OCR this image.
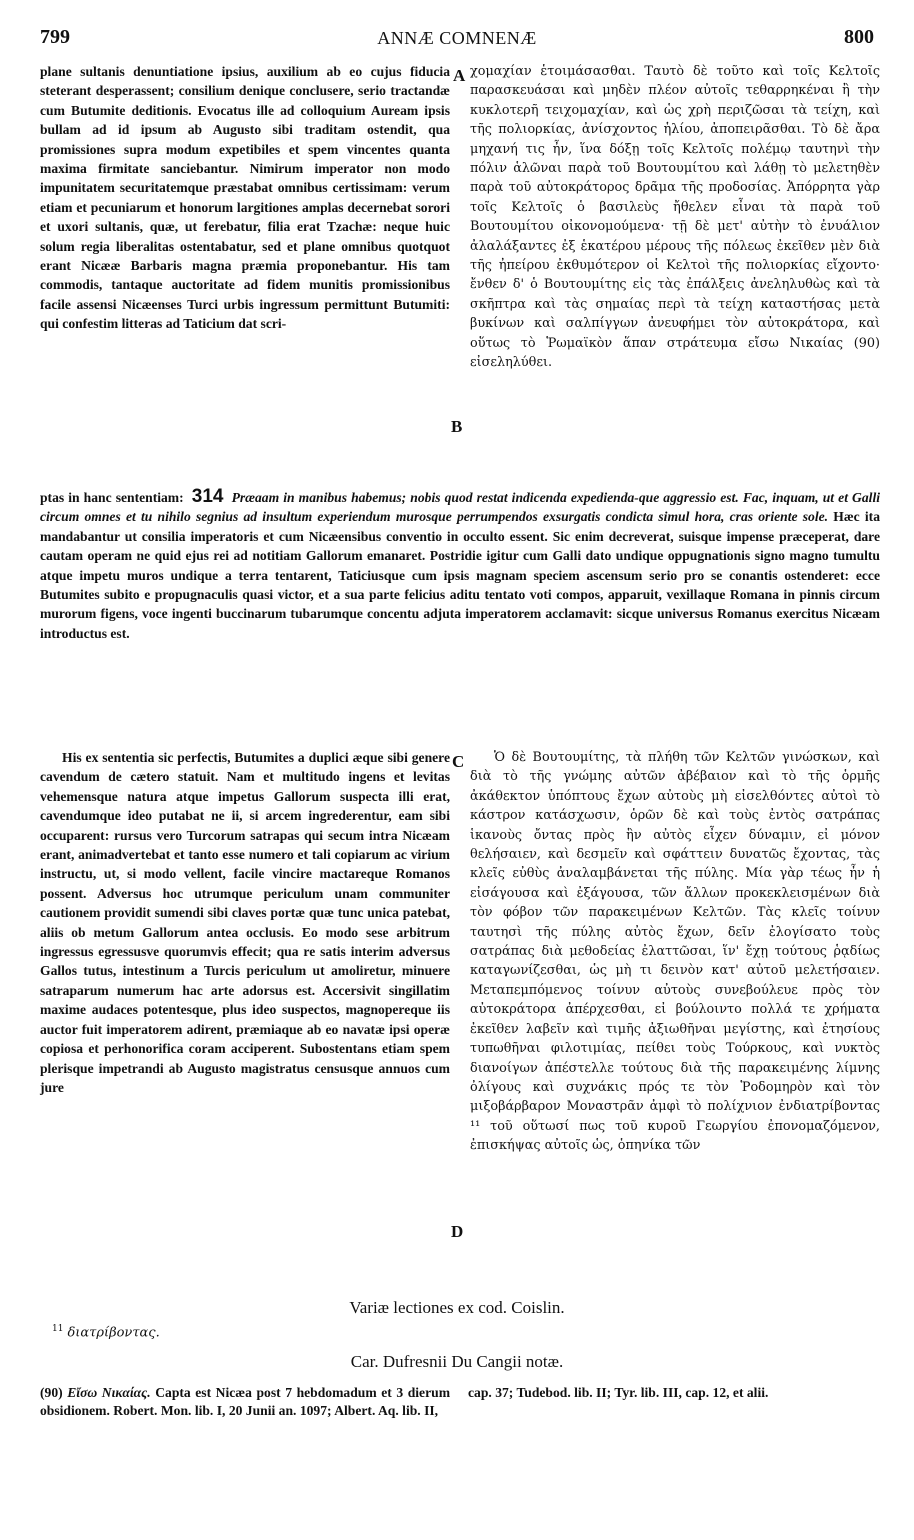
799	ANNÆ COMNENÆ	800
A
B
C
D

plane sultanis denuntiatione ipsius, auxilium ab eo cujus fiducia steterant desperassent; consilium denique conclusere, serio tractandæ cum Butumite deditionis. Evocatus ille ad colloquium Auream ipsis bullam ad id ipsum ab Augusto sibi traditam ostendit, qua promissiones supra modum expetibiles et spem vincentes quanta maxima firmitate sanciebantur. Nimirum imperator non modo impunitatem securitatemque præstabat omnibus certissimam: verum etiam et pecuniarum et honorum largitiones amplas decernebat sorori et uxori sultanis, quæ, ut ferebatur, filia erat Tzachæ: neque huic solum regia liberalitas ostentabatur, sed et plane omnibus quotquot erant Nicææ Barbaris magna præmia proponebantur. His tam commodis, tantaque auctoritate ad fidem munitis promissionibus facile assensi Nicæenses Turci urbis ingressum permittunt Butumiti: qui confestim litteras ad Taticium dat scri-

χομαχίαν ἑτοιμάσασθαι. Ταυτὸ δὲ τοῦτο καὶ τοῖς Κελτοῖς παρασκευάσαι καὶ μηδὲν πλέον αὐτοῖς τεθαρρηκέναι ἢ τὴν κυκλοτερῆ τειχομαχίαν, καὶ ὡς χρὴ περιζῶσαι τὰ τείχη, καὶ τῆς πολιορκίας, ἀνίσχοντος ἡλίου, ἀποπειρᾶσθαι. Τὸ δὲ ἄρα μηχανή τις ἦν, ἵνα δόξῃ τοῖς Κελτοῖς πολέμῳ ταυτηνὶ τὴν πόλιν ἁλῶναι παρὰ τοῦ Βουτουμίτου καὶ λάθῃ τὸ μελετηθὲν παρὰ τοῦ αὐτοκράτορος δρᾶμα τῆς προδοσίας. Ἀπόρρητα γὰρ τοῖς Κελτοῖς ὁ βασιλεὺς ἤθελεν εἶναι τὰ παρὰ τοῦ Βουτουμίτου οἰκονομούμενα· τῇ δὲ μετ' αὐτὴν τὸ ἐνυάλιον ἀλαλάξαντες ἐξ ἑκατέρου μέρους τῆς πόλεως ἐκεῖθεν μὲν διὰ τῆς ἠπείρου ἐκθυμότερον οἱ Κελτοὶ τῆς πολιορκίας εἴχοντο· ἔνθεν δ' ὁ Βουτουμίτης εἰς τὰς ἐπάλξεις ἀνεληλυθὼς καὶ τὰ σκῆπτρα καὶ τὰς σημαίας περὶ τὰ τείχη καταστήσας μετὰ βυκίνων καὶ σαλπίγγων ἀνευφήμει τὸν αὐτοκράτορα, καὶ οὕτως τὸ Ῥωμαϊκὸν ἅπαν στράτευμα εἴσω Νικαίας (90) εἰσεληλύθει.

ptas in hanc sententiam: 314 Præaam in manibus habemus; nobis quod restat indicenda expedienda-que aggressio est. Fac, inquam, ut et Galli circum omnes et tu nihilo segnius ad insultum experiendum murosque perrumpendos exsurgatis condicta simul hora, cras oriente sole. Hæc ita mandabantur ut consilia imperatoris et cum Nicæensibus conventio in occulto essent. Sic enim decreverat, suisque impense præceperat, dare cautam operam ne quid ejus rei ad notitiam Gallorum emanaret. Postridie igitur cum Galli dato undique oppugnationis signo magno tumultu atque impetu muros undique a terra tentarent, Taticiusque cum ipsis magnam speciem ascensum serio pro se conantis ostenderet: ecce Butumites subito e propugnaculis quasi victor, et a sua parte felicius aditu tentato voti compos, apparuit, vexillaque Romana in pinnis circum murorum figens, voce ingenti buccinarum tubarumque concentu adjuta imperatorem acclamavit: sicque universus Romanus exercitus Nicæam introductus est.

His ex sententia sic perfectis, Butumites a duplici æque sibi genere cavendum de cætero statuit. Nam et multitudo ingens et levitas vehemensque natura atque impetus Gallorum suspecta illi erat, cavendumque ideo putabat ne ii, si arcem ingrederentur, eam sibi occuparent: rursus vero Turcorum satrapas qui secum intra Nicæam erant, animadvertebat et tanto esse numero et tali copiarum ac virium instructu, ut, si modo vellent, facile vincire mactareque Romanos possent. Adversus hoc utrumque periculum unam communiter cautionem providit sumendi sibi claves portæ quæ tunc unica patebat, aliis ob metum Gallorum antea occlusis. Eo modo sese arbitrum ingressus egressusve quorumvis effecit; qua re satis interim adversus Gallos tutus, intestinum a Turcis periculum ut amoliretur, minuere satraparum numerum hac arte adorsus est. Accersivit singillatim maxime audaces potentesque, plus ideo suspectos, magnopereque iis auctor fuit imperatorem adirent, præmiaque ab eo navatæ ipsi operæ copiosa et perhonorifica coram acciperent. Subostentans etiam spem plerisque impetrandi ab Augusto magistratus censusque annuos cum jure

Ὁ δὲ Βουτουμίτης, τὰ πλήθη τῶν Κελτῶν γινώσκων, καὶ διὰ τὸ τῆς γνώμης αὐτῶν ἀβέβαιον καὶ τὸ τῆς ὁρμῆς ἀκάθεκτον ὑπόπτους ἔχων αὐτοὺς μὴ εἰσελθόντες αὐτοὶ τὸ κάστρον κατάσχωσιν, ὁρῶν δὲ καὶ τοὺς ἐντὸς σατράπας ἱκανοὺς ὄντας πρὸς ἣν αὐτὸς εἶχεν δύναμιν, εἰ μόνον θελήσαιεν, καὶ δεσμεῖν καὶ σφάττειν δυνατῶς ἔχοντας, τὰς κλεῖς εὐθὺς ἀναλαμβάνεται τῆς πύλης. Μία γὰρ τέως ἦν ἡ εἰσάγουσα καὶ ἐξάγουσα, τῶν ἄλλων προκεκλεισμένων διὰ τὸν φόβον τῶν παρακειμένων Κελτῶν. Τὰς κλεῖς τοίνυν ταυτησὶ τῆς πύλης αὐτὸς ἔχων, δεῖν ἐλογίσατο τοὺς σατράπας διὰ μεθοδείας ἐλαττῶσαι, ἵν' ἔχῃ τούτους ῥᾳδίως καταγωνίζεσθαι, ὡς μὴ τι δεινὸν κατ' αὐτοῦ μελετήσαιεν. Μεταπεμπόμενος τοίνυν αὐτοὺς συνεβούλευε πρὸς τὸν αὐτοκράτορα ἀπέρχεσθαι, εἰ βούλοιντο πολλά τε χρήματα ἐκεῖθεν λαβεῖν καὶ τιμῆς ἀξιωθῆναι μεγίστης, καὶ ἐτησίους τυπωθῆναι φιλοτιμίας, πείθει τοὺς Τούρκους, καὶ νυκτὸς διανοίγων ἀπέστελλε τούτους διὰ τῆς παρακειμένης λίμνης ὀλίγους καὶ συχνάκις πρός τε τὸν Ῥοδομηρὸν καὶ τὸν μιξοβάρβαρον Μοναστρᾶν ἀμφὶ τὸ πολίχνιον ἐνδιατρίβοντας ¹¹ τοῦ οὕτωσί πως τοῦ κυροῦ Γεωργίου ἐπονομαζόμενον, ἐπισκήψας αὐτοῖς ὡς, ὁπηνίκα τῶν

Variæ lectiones ex cod. Coislin.
$^{11}$ διατρίβοντας.
Car. Dufresnii Du Cangii notæ.
(90) Εἴσω Νικαίας. Capta est Nicæa post 7 hebdomadum et 3 dierum obsidionem. Robert. Mon. lib. I, 20 Junii an. 1097; Albert. Aq. lib. II,
cap. 37; Tudebod. lib. II; Tyr. lib. III, cap. 12, et alii.
